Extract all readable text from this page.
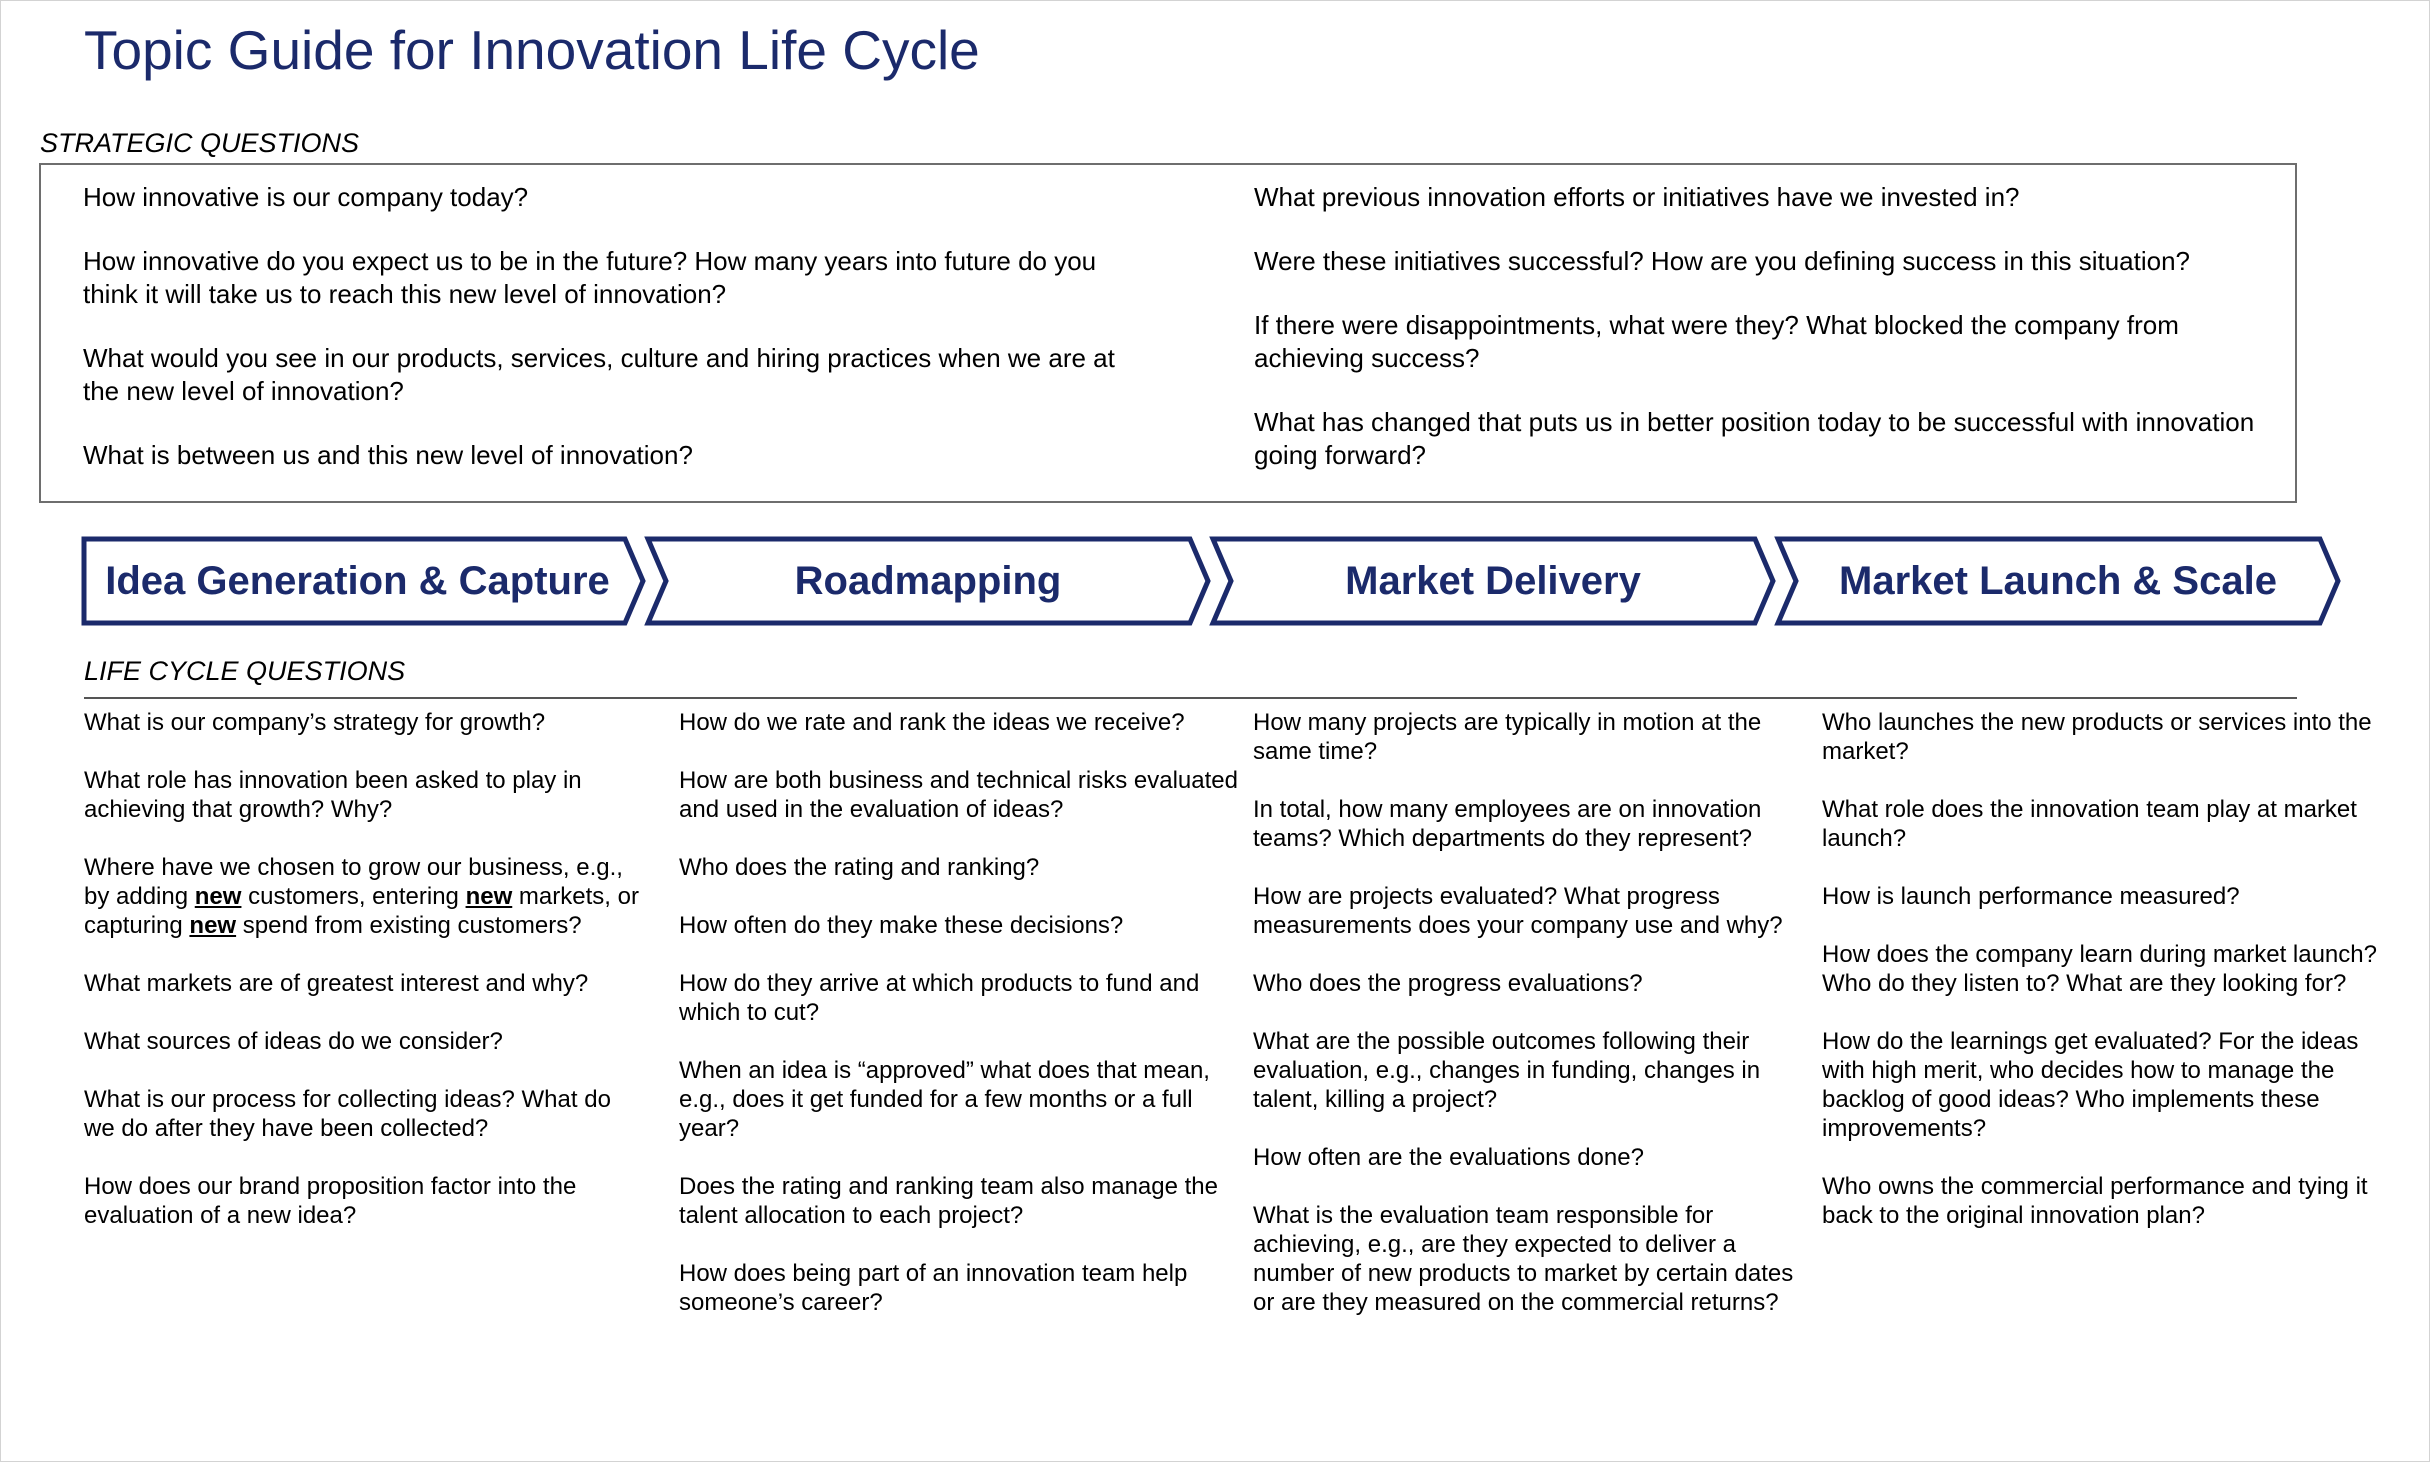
Topic Guide for Innovation Life Cycle
STRATEGIC QUESTIONS

How innovative is our company today?

How innovative do you expect us to be in the future? How many years into future do you think it will take us to reach this new level of innovation?

What would you see in our products, services, culture and hiring practices when we are at the new level of innovation?

What is between us and this new level of innovation?

What previous innovation efforts or initiatives have we invested in?

Were these initiatives successful? How are you defining success in this situation?

If there were disappointments, what were they? What blocked the company from achieving success?

What has changed that puts us in better position today to be successful with innovation going forward?

Idea Generation & Capture	Roadmapping	Market Delivery	Market Launch & Scale
LIFE CYCLE QUESTIONS

What is our company’s strategy for growth?

What role has innovation been asked to play in achieving that growth? Why?

Where have we chosen to grow our business, e.g., by adding new customers, entering new markets, or capturing new spend from existing customers?

What markets are of greatest interest and why?

What sources of ideas do we consider?

What is our process for collecting ideas? What do we do after they have been collected?

How does our brand proposition factor into the evaluation of a new idea?

How do we rate and rank the ideas we receive?

How are both business and technical risks evaluated and used in the evaluation of ideas?

Who does the rating and ranking?

How often do they make these decisions?

How do they arrive at which products to fund and which to cut?

When an idea is “approved” what does that mean, e.g., does it get funded for a few months or a full year?

Does the rating and ranking team also manage the talent allocation to each project?

How does being part of an innovation team help someone’s career?

How many projects are typically in motion at the same time?

In total, how many employees are on innovation teams? Which departments do they represent?

How are projects evaluated? What progress measurements does your company use and why?

Who does the progress evaluations?

What are the possible outcomes following their evaluation, e.g., changes in funding, changes in talent, killing a project?

How often are the evaluations done?

What is the evaluation team responsible for achieving, e.g., are they expected to deliver a number of new products to market by certain dates or are they measured on the commercial returns?

Who launches the new products or services into the market?

What role does the innovation team play at market launch?

How is launch performance measured?

How does the company learn during market launch? Who do they listen to? What are they looking for?

How do the learnings get evaluated? For the ideas with high merit, who decides how to manage the backlog of good ideas? Who implements these improvements?

Who owns the commercial performance and tying it back to the original innovation plan?
